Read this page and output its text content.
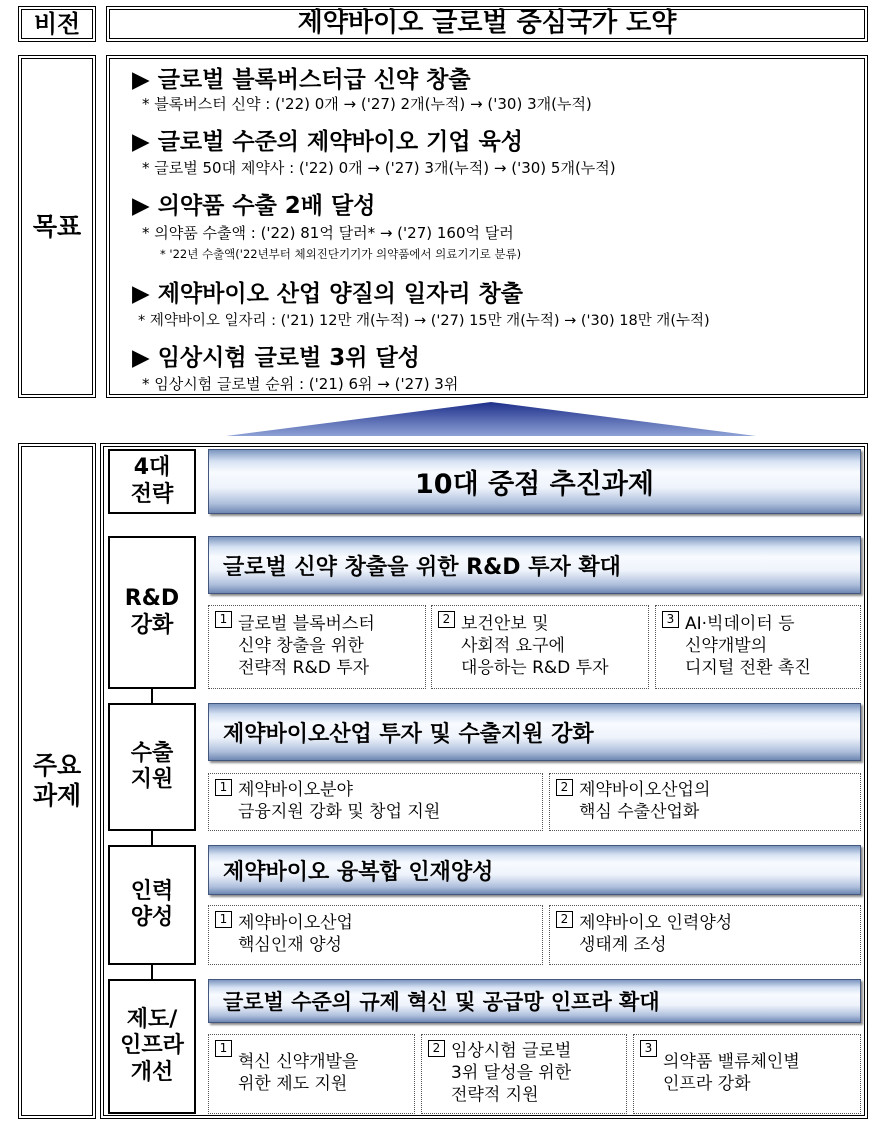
비전	제약바이오 글로벌 중심국가 도약
목표
▶ 글로벌 블록버스터급 신약 창출
* 블록버스터 신약 : ('22) 0개 → ('27) 2개(누적) → ('30) 3개(누적)
▶ 글로벌 수준의 제약바이오 기업 육성
* 글로벌 50대 제약사 : ('22) 0개 → ('27) 3개(누적) → ('30) 5개(누적)
▶ 의약품 수출 2배 달성
* 의약품 수출액 : ('22) 81억 달러* → ('27) 160억 달러
* '22년 수출액('22년부터 체외진단기기가 의약품에서 의료기기로 분류)
▶ 제약바이오 산업 양질의 일자리 창출
* 제약바이오 일자리 : ('21) 12만 개(누적) → ('27) 15만 개(누적) → ('30) 18만 개(누적)
▶ 임상시험 글로벌 3위 달성
* 임상시험 글로벌 순위 : ('21) 6위 → ('27) 3위
주요
과제
4대
전략	10대 중점 추진과제
R&D
강화
글로벌 신약 창출을 위한 R&D 투자 확대
1 글로벌 블록버스터
신약 창출을 위한
전략적 R&D 투자
2 보건안보 및
사회적 요구에
대응하는 R&D 투자
3 AI·빅데이터 등
신약개발의
디지털 전환 촉진
수출
지원
제약바이오산업 투자 및 수출지원 강화
1 제약바이오분야
금융지원 강화 및 창업 지원
2 제약바이오산업의
핵심 수출산업화
인력
양성
제약바이오 융복합 인재양성
1 제약바이오산업
핵심인재 양성
2 제약바이오 인력양성
생태계 조성
제도/
인프라
개선
글로벌 수준의 규제 혁신 및 공급망 인프라 확대
1
혁신 신약개발을
위한 제도 지원
2 임상시험 글로벌
3위 달성을 위한
전략적 지원
3
의약품 밸류체인별
인프라 강화
